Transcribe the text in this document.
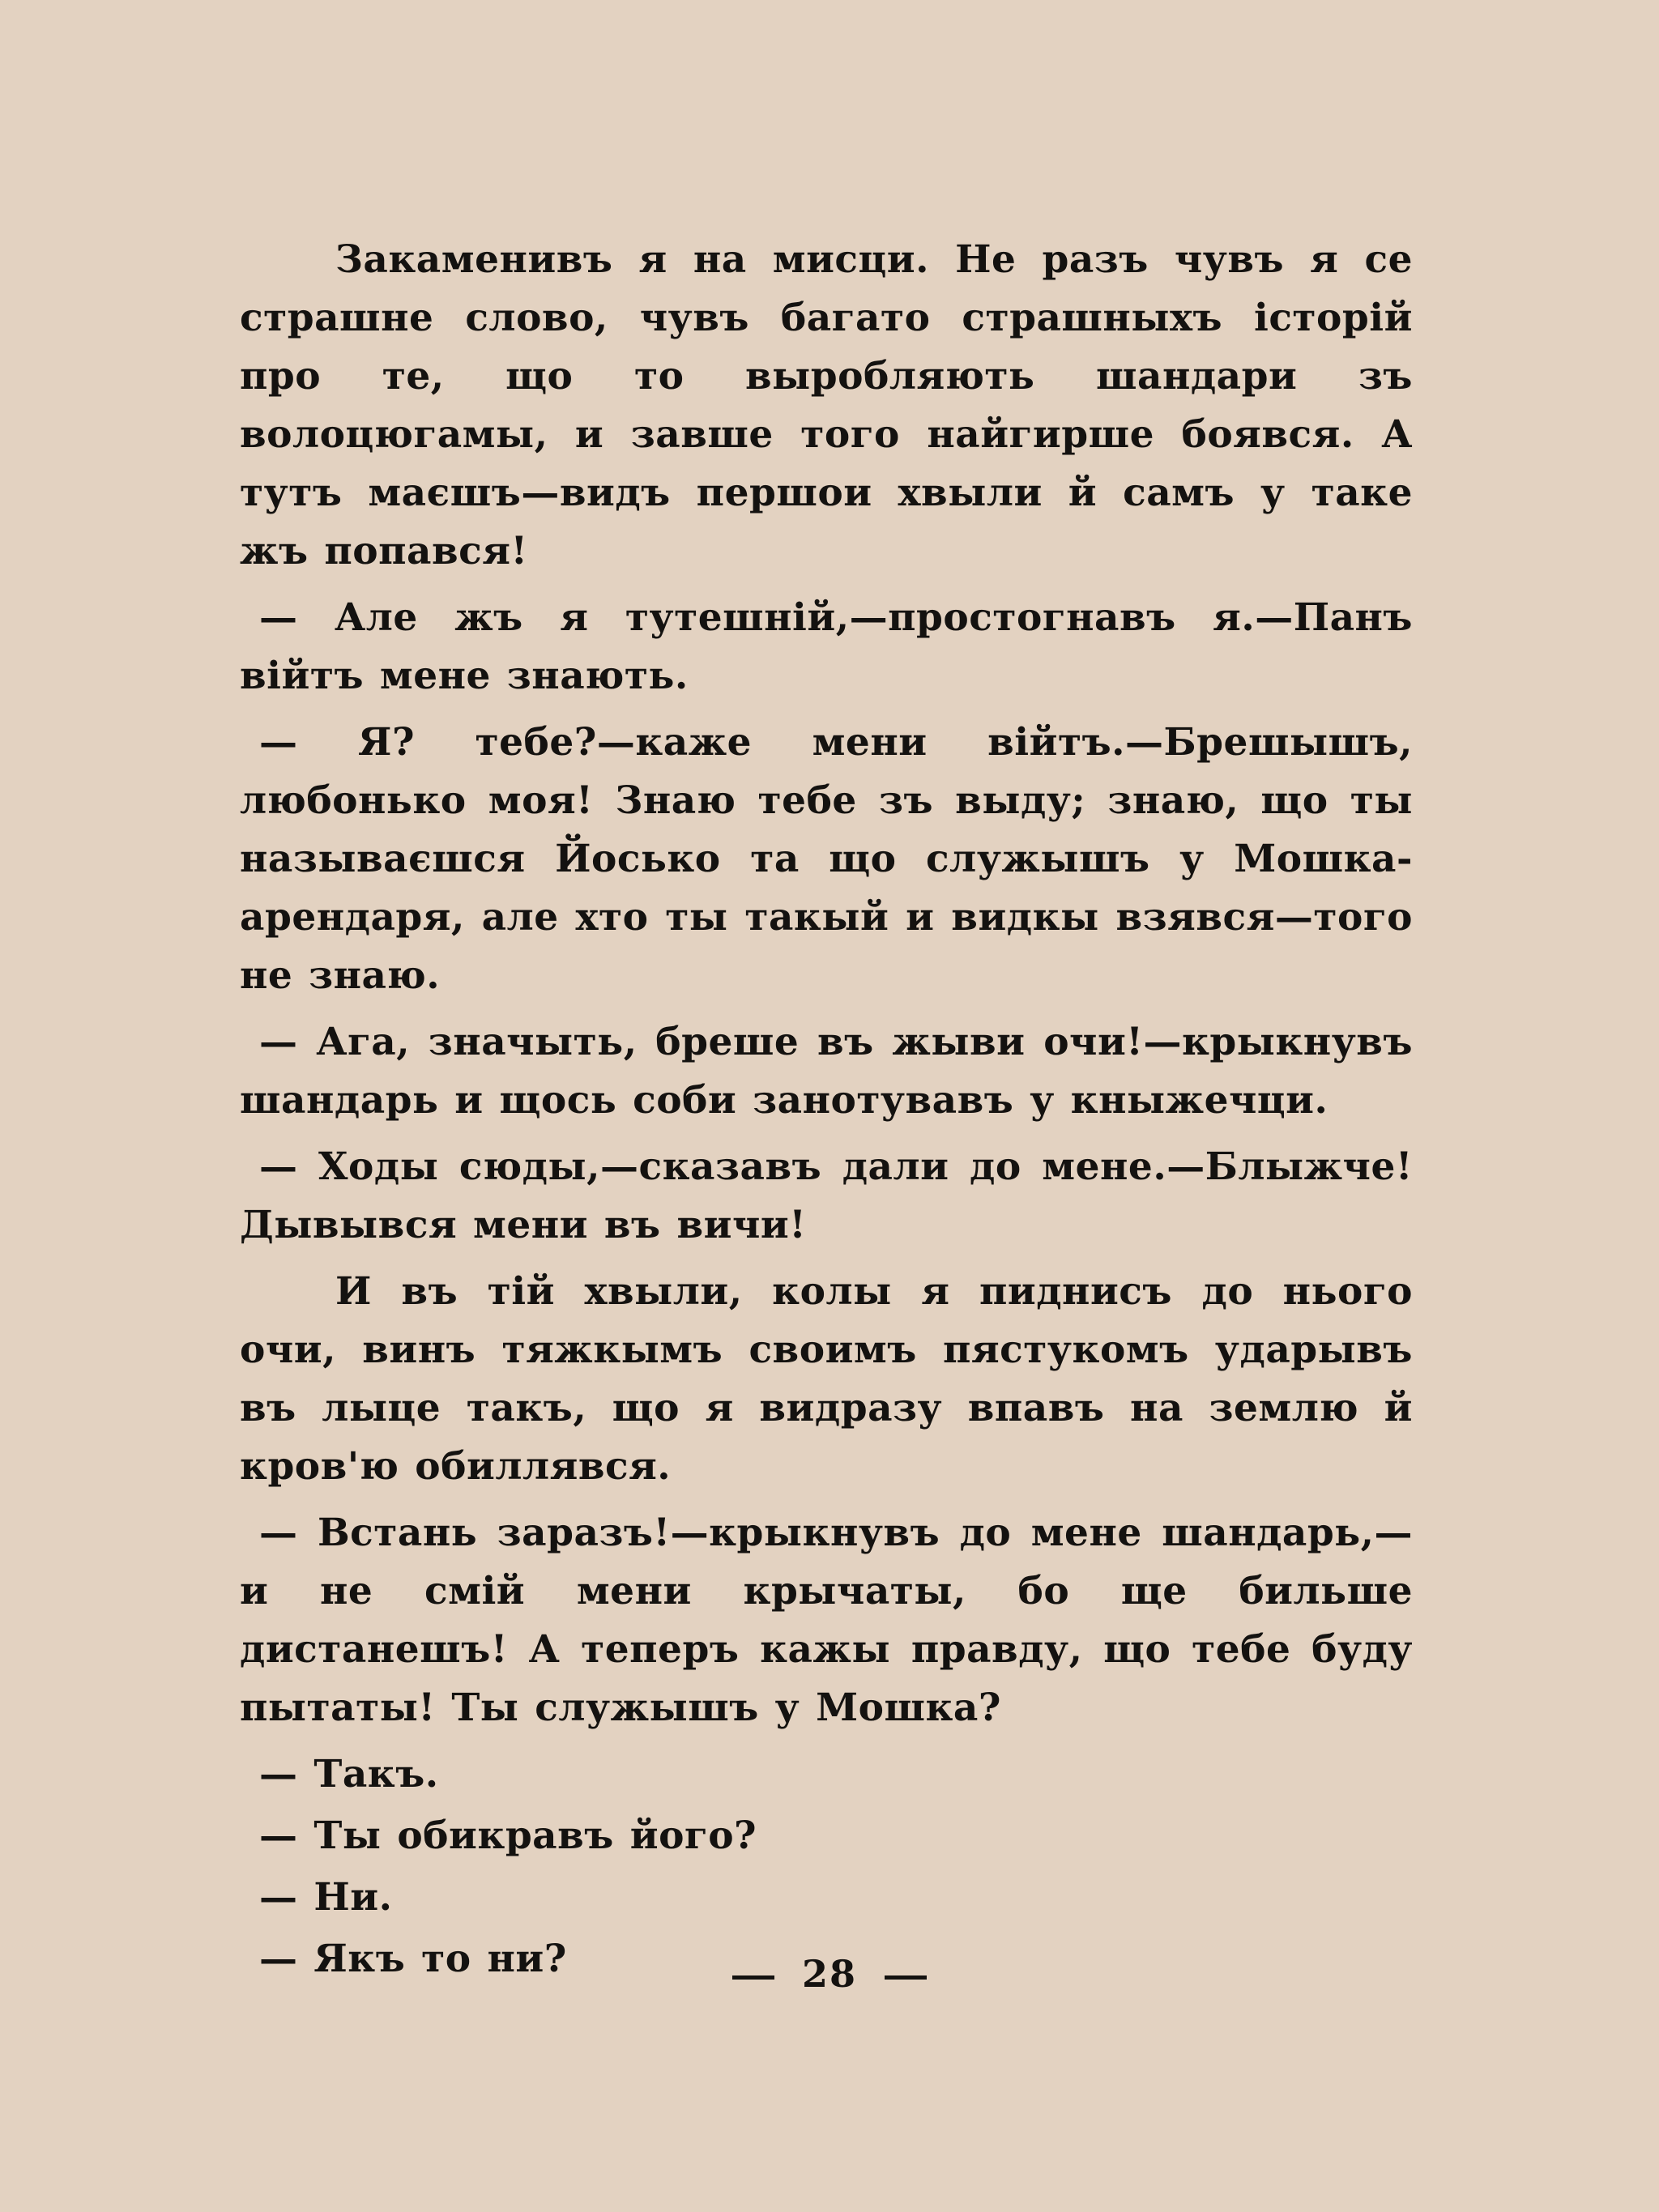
Закаменивъ я на мисци. Не разъ чувъ я се страшне слово, чувъ багато страшныхъ історій про те, що то выробляють шандари зъ волоцюгамы, и завше того найгирше боявся. А тутъ маєшъ—видъ першои хвыли й самъ у таке жъ попався!

— Але жъ я тутешній,—простогнавъ я.—Панъ війтъ мене знають.

— Я? тебе?—каже мени війтъ.—Брешышъ, любонько моя! Знаю тебе зъ выду; знаю, що ты называєшся Йосько та що служышъ у Мошка-арендаря, але хто ты такый и видкы взявся—того не знаю.

— Ага, значыть, бреше въ жыви очи!—крыкнувъ шандарь и щось соби занотувавъ у кныжечци.

— Ходы сюды,—сказавъ дали до мене.—Блыжче! Дывывся мени въ вичи!

И въ тій хвыли, колы я пиднисъ до нього очи, винъ тяжкымъ своимъ пястукомъ ударывъ въ лыце такъ, що я видразу впавъ на землю й кров'ю обиллявся.

— Встань заразъ!—крыкнувъ до мене шандарь,—и не смій мени крычаты, бо ще бильше дистанешъ! А теперъ кажы правду, що тебе буду пытаты! Ты служышъ у Мошка?

— Такъ.

— Ты обикравъ його?

— Ни.

— Якъ то ни?	28
